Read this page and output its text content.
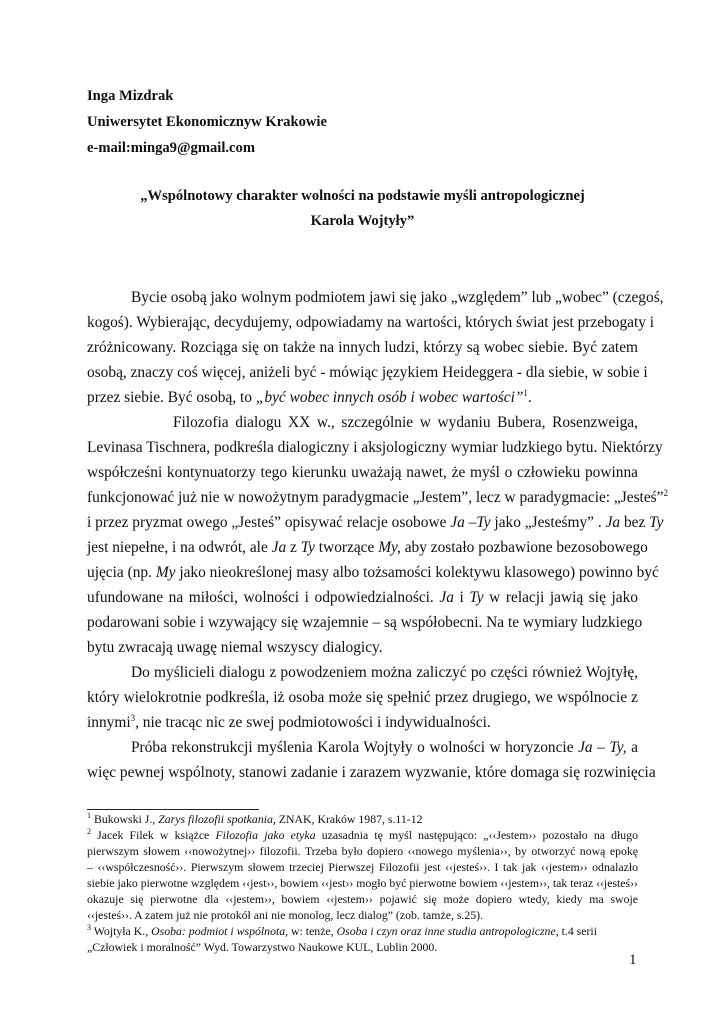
Inga Mizdrak
Uniwersytet Ekonomicznyw Krakowie
e-mail:minga9@gmail.com
„Wspólnotowy charakter wolności na podstawie myśli antropologicznej
Karola Wojtyły”
Bycie osobą jako wolnym podmiotem jawi się jako „względem” lub „wobec” (czegoś,
kogoś). Wybierając, decydujemy, odpowiadamy na wartości, których świat jest przebogaty i
zróżnicowany. Rozciąga się on także na innych ludzi, którzy są wobec siebie. Być zatem
osobą, znaczy coś więcej, aniżeli być - mówiąc językiem Heideggera - dla siebie, w sobie i
przez siebie. Być osobą, to „być wobec innych osób i wobec wartości”$^1$.
Filozofia dialogu XX w., szczególnie w wydaniu Bubera, Rosenzweiga,
Levinasa Tischnera, podkreśla dialogiczny i aksjologiczny wymiar ludzkiego bytu. Niektórzy
współcześni kontynuatorzy tego kierunku uważają nawet, że myśl o człowieku powinna
funkcjonować już nie w nowożytnym paradygmacie „Jestem”, lecz w paradygmacie: „Jesteś”$^2$
i przez pryzmat owego „Jesteś” opisywać relacje osobowe Ja –Ty jako „Jesteśmy” . Ja bez Ty
jest niepełne, i na odwrót, ale Ja z Ty tworzące My, aby zostało pozbawione bezosobowego
ujęcia (np. My jako nieokreślonej masy albo tożsamości kolektywu klasowego) powinno być
ufundowane na miłości, wolności i odpowiedzialności. Ja i Ty w relacji jawią się jako
podarowani sobie i wzywający się wzajemnie – są współobecni. Na te wymiary ludzkiego
bytu zwracają uwagę niemal wszyscy dialogicy.
Do myślicieli dialogu z powodzeniem można zaliczyć po części również Wojtyłę,
który wielokrotnie podkreśla, iż osoba może się spełnić przez drugiego, we wspólnocie z
innymi$^3$, nie tracąc nic ze swej podmiotowości i indywidualności.
Próba rekonstrukcji myślenia Karola Wojtyły o wolności w horyzoncie Ja – Ty, a
więc pewnej wspólnoty, stanowi zadanie i zarazem wyzwanie, które domaga się rozwinięcia
$^1$ Bukowski J., Zarys filozofii spotkania, ZNAK, Kraków 1987, s.11-12
$^2$ Jacek Filek w książce Filozofia jako etyka uzasadnia tę myśl następująco: „‹‹Jestem›› pozostało na długo
pierwszym słowem ‹‹nowożytnej›› filozofii. Trzeba było dopiero ‹‹nowego myślenia››, by otworzyć nową epokę
– ‹‹współczesność››. Pierwszym słowem trzeciej Pierwszej Filozofii jest ‹‹jesteś››. I tak jak ‹‹jestem›› odnalazło
siebie jako pierwotne względem ‹‹jest››, bowiem ‹‹jest›› mogło być pierwotne bowiem ‹‹jestem››, tak teraz ‹‹jesteś››
okazuje się pierwotne dla ‹‹jestem››, bowiem ‹‹jestem›› pojawić się może dopiero wtedy, kiedy ma swoje
‹‹jesteś››. A zatem już nie protokół ani nie monolog, lecz dialog” (zob. tamże, s.25).
$^3$ Wojtyła K., Osoba: podmiot i wspólnota, w: tenże, Osoba i czyn oraz inne studia antropologiczne, t.4 serii
„Człowiek i moralność” Wyd. Towarzystwo Naukowe KUL, Lublin 2000.
1
